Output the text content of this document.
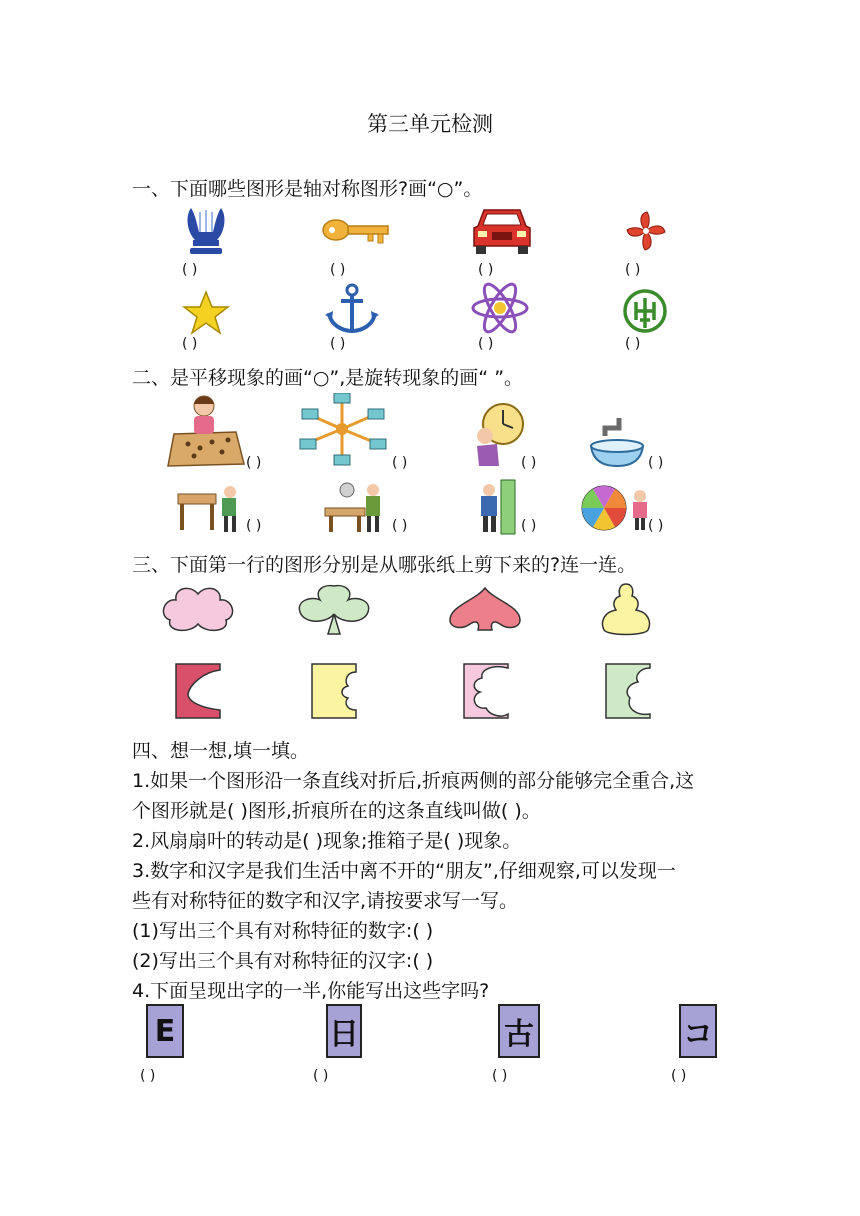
第三单元检测
一、下面哪些图形是轴对称图形?画“○”。
( )	( )	( )	( )
( )	( )	( )	( )
二、是平移现象的画“○”,是旋转现象的画“ ”。
( )	( )	( )	( )
( )	( )	( )	( )
三、下面第一行的图形分别是从哪张纸上剪下来的?连一连。
四、想一想,填一填。
1.如果一个图形沿一条直线对折后,折痕两侧的部分能够完全重合,这
个图形就是( )图形,折痕所在的这条直线叫做( )。
2.风扇扇叶的转动是( )现象;推箱子是( )现象。
3.数字和汉字是我们生活中离不开的“朋友”,仔细观察,可以发现一
些有对称特征的数字和汉字,请按要求写一写。
(1)写出三个具有对称特征的数字:( )
(2)写出三个具有对称特征的汉字:( )
4.下面呈现出字的一半,你能写出这些字吗?
E	日	古	コ
( )	( )	( )	( )
